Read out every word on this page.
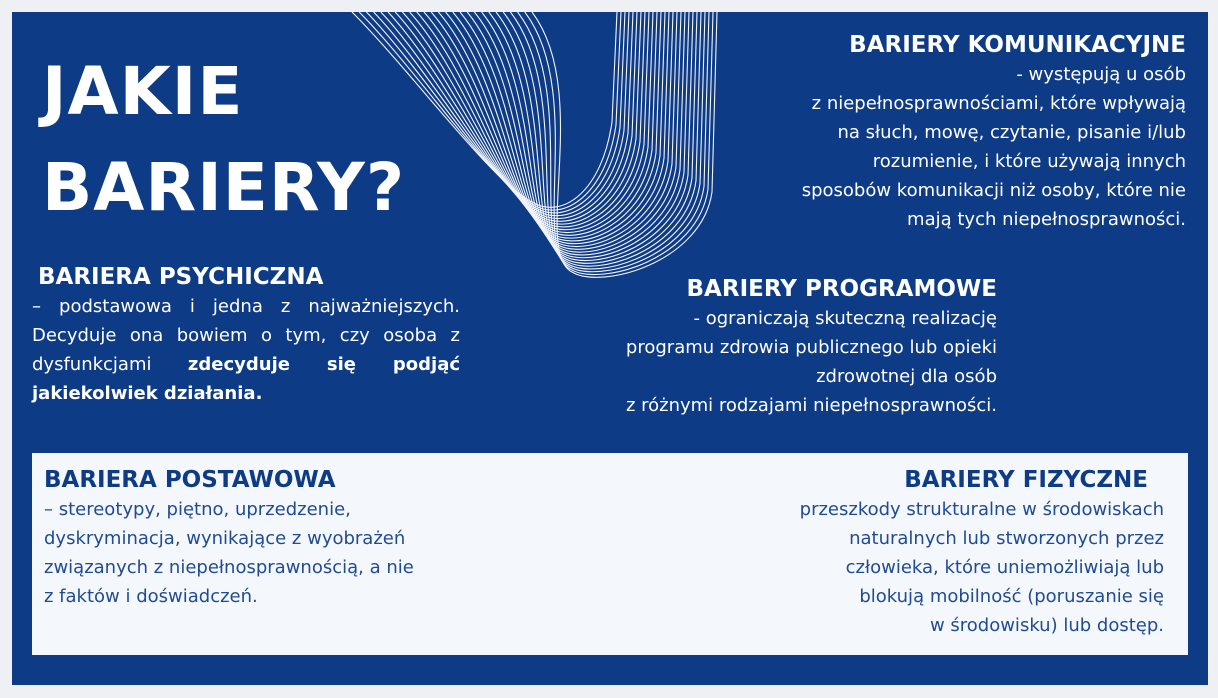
JAKIE
BARIERY?
BARIERY KOMUNIKACYJNE
- występują u osób
z niepełnosprawnościami, które wpływają
na słuch, mowę, czytanie, pisanie i/lub
rozumienie, i które używają innych
sposobów komunikacji niż osoby, które nie
mają tych niepełnosprawności.
BARIERA PSYCHICZNA
– podstawowa i jedna z najważniejszych. Decyduje ona bowiem o tym, czy osoba z dysfunkcjami zdecyduje się podjąć jakiekolwiek działania.
BARIERY PROGRAMOWE
- ograniczają skuteczną realizację
programu zdrowia publicznego lub opieki
zdrowotnej dla osób
z różnymi rodzajami niepełnosprawności.
BARIERA POSTAWOWA
– stereotypy, piętno, uprzedzenie,
dyskryminacja, wynikające z wyobrażeń
związanych z niepełnosprawnością, a nie
z faktów i doświadczeń.
BARIERY FIZYCZNE
przeszkody strukturalne w środowiskach
naturalnych lub stworzonych przez
człowieka, które uniemożliwiają lub
blokują mobilność (poruszanie się
w środowisku) lub dostęp.
